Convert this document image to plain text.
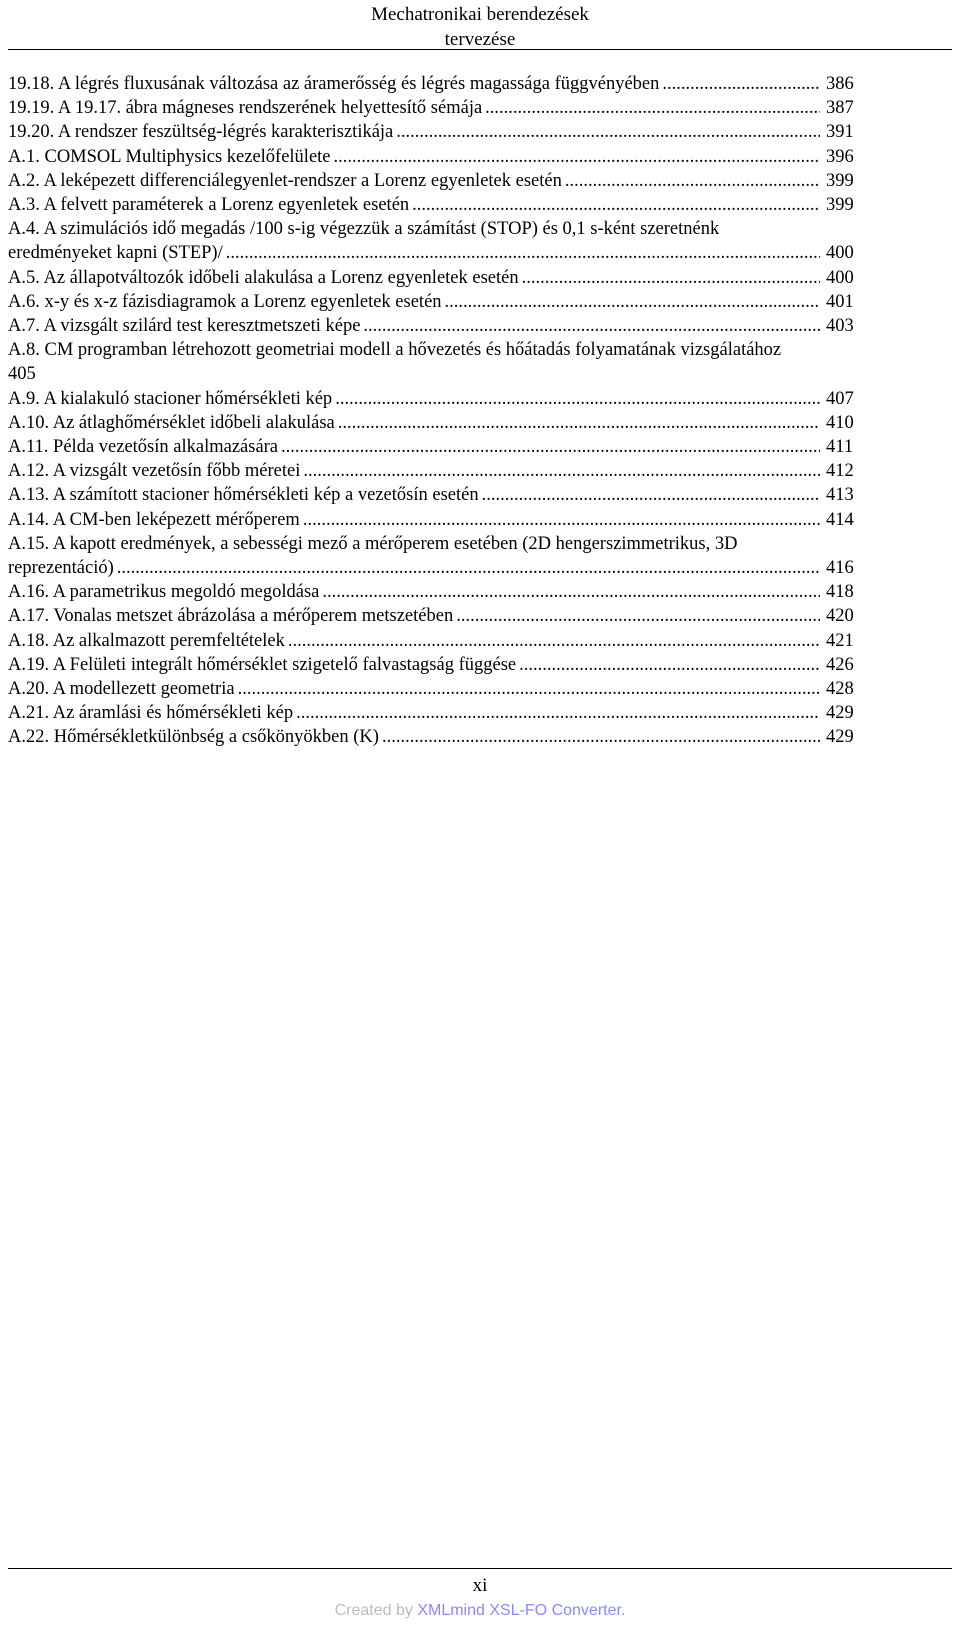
Mechatronikai berendezések
tervezése
19.18. A légrés fluxusának változása az áramerősség és légrés magassága függvényében .....	386
19.19. A 19.17. ábra mágneses rendszerének helyettesítő sémája .....	387
19.20. A rendszer feszültség-légrés karakterisztikája .....	391
A.1. COMSOL Multiphysics kezelőfelülete .....	396
A.2. A leképezett differenciálegyenlet-rendszer a Lorenz egyenletek esetén .....	399
A.3. A felvett paraméterek a Lorenz egyenletek esetén .....	399
A.4. A szimulációs idő megadás /100 s-ig végezzük a számítást (STOP) és 0,1 s-ként szeretnénk
eredményeket kapni (STEP)/ .....	400
A.5. Az állapotváltozók időbeli alakulása a Lorenz egyenletek esetén .....	400
A.6. x-y és x-z fázisdiagramok a Lorenz egyenletek esetén .....	401
A.7. A vizsgált szilárd test keresztmetszeti képe .....	403
A.8. CM programban létrehozott geometriai modell a hővezetés és hőátadás folyamatának vizsgálatához
405
A.9. A kialakuló stacioner hőmérsékleti kép .....	407
A.10. Az átlaghőmérséklet időbeli alakulása .....	410
A.11. Példa vezetősín alkalmazására .....	411
A.12. A vizsgált vezetősín főbb méretei .....	412
A.13. A számított stacioner hőmérsékleti kép a vezetősín esetén .....	413
A.14. A CM-ben leképezett mérőperem .....	414
A.15. A kapott eredmények, a sebességi mező a mérőperem esetében (2D hengerszimmetrikus, 3D
reprezentáció) .....	416
A.16. A parametrikus megoldó megoldása .....	418
A.17. Vonalas metszet ábrázolása a mérőperem metszetében .....	420
A.18. Az alkalmazott peremfeltételek .....	421
A.19. A Felületi integrált hőmérséklet szigetelő falvastagság függése .....	426
A.20. A modellezett geometria .....	428
A.21. Az áramlási és hőmérsékleti kép .....	429
A.22. Hőmérsékletkülönbség a csőkönyökben (K) .....	429
xi
Created by XMLmind XSL-FO Converter.
